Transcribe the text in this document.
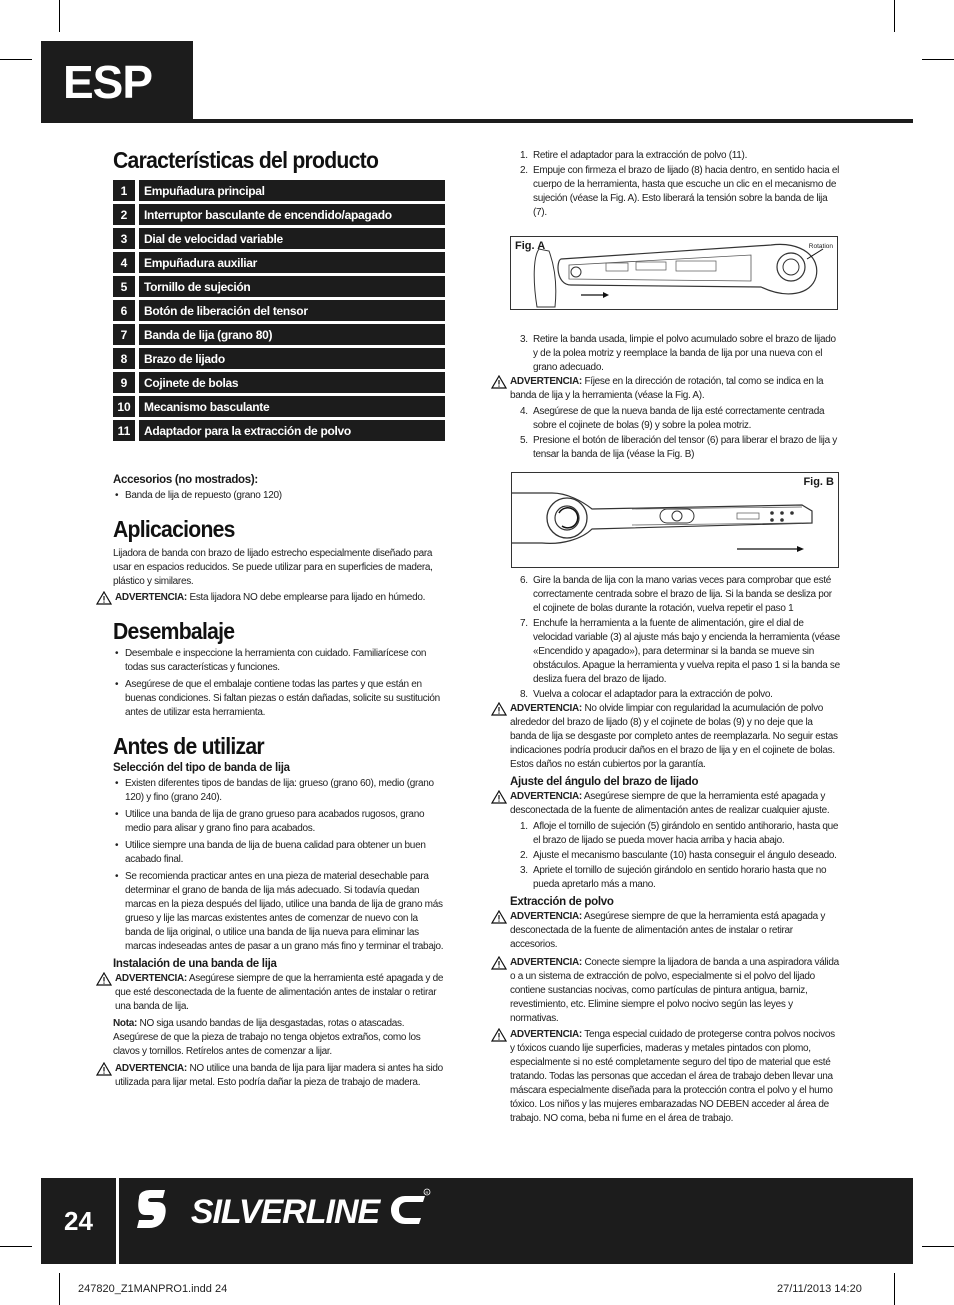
ESP
Características del producto
1	Empuñadura principal
2	Interruptor basculante de encendido/apagado
3	Dial de velocidad variable
4	Empuñadura auxiliar
5	Tornillo de sujeción
6	Botón de liberación del tensor
7	Banda de lija (grano 80)
8	Brazo de lijado
9	Cojinete de bolas
10	Mecanismo basculante
11	Adaptador para la extracción de polvo
Accesorios (no mostrados):
• Banda de lija de repuesto (grano 120)
Aplicaciones

Lijadora de banda con brazo de lijado estrecho especialmente diseñado para usar en espacios reducidos. Se puede utilizar para en superficies de madera, plástico y similares.

ADVERTENCIA: Esta lijadora NO debe emplearse para lijado en húmedo.
Desembalaje
• Desembale e inspeccione la herramienta con cuidado. Familiarícese con todas sus características y funciones.
• Asegúrese de que el embalaje contiene todas las partes y que están en buenas condiciones. Si faltan piezas o están dañadas, solicite su sustitución antes de utilizar esta herramienta.
Antes de utilizar
Selección del tipo de banda de lija
• Existen diferentes tipos de bandas de lija: grueso (grano 60), medio (grano 120) y fino (grano 240).
• Utilice una banda de lija de grano grueso para acabados rugosos, grano medio para alisar y grano fino para acabados.
• Utilice siempre una banda de lija de buena calidad para obtener un buen acabado final.
• Se recomienda practicar antes en una pieza de material desechable para determinar el grano de banda de lija más adecuado. Si todavía quedan marcas en la pieza después del lijado, utilice una banda de lija de grano más grueso y lije las marcas existentes antes de comenzar de nuevo con la banda de lija original, o utilice una banda de lija nueva para eliminar las marcas indeseadas antes de pasar a un grano más fino y terminar el trabajo.
Instalación de una banda de lija
ADVERTENCIA: Asegúrese siempre de que la herramienta esté apagada y de que esté desconectada de la fuente de alimentación antes de instalar o retirar una banda de lija.

Nota: NO siga usando bandas de lija desgastadas, rotas o atascadas. Asegúrese de que la pieza de trabajo no tenga objetos extraños, como los clavos y tornillos. Retírelos antes de comenzar a lijar.

ADVERTENCIA: NO utilice una banda de lija para lijar madera si antes ha sido utilizada para lijar metal. Esto podría dañar la pieza de trabajo de madera.
1. Retire el adaptador para la extracción de polvo (11).
2. Empuje con firmeza el brazo de lijado (8) hacia dentro, en sentido hacia el cuerpo de la herramienta, hasta que escuche un clic en el mecanismo de sujeción (véase la Fig. A). Esto liberará la tensión sobre la banda de lija (7).
Fig. A	Rotation
3. Retire la banda usada, limpie el polvo acumulado sobre el brazo de lijado y de la polea motriz y reemplace la banda de lija por una nueva con el grano adecuado.
ADVERTENCIA: Fíjese en la dirección de rotación, tal como se indica en la banda de lija y la herramienta (véase la Fig. A).
4. Asegúrese de que la nueva banda de lija esté correctamente centrada sobre el cojinete de bolas (9) y sobre la polea motriz.
5. Presione el botón de liberación del tensor (6) para liberar el brazo de lija y tensar la banda de lija (véase la Fig. B)
Fig. B
6. Gire la banda de lija con la mano varias veces para comprobar que esté correctamente centrada sobre el brazo de lija. Si la banda se desliza por el cojinete de bolas durante la rotación, vuelva repetir el paso 1
7. Enchufe la herramienta a la fuente de alimentación, gire el dial de velocidad variable (3) al ajuste más bajo y encienda la herramienta (véase «Encendido y apagado»), para determinar si la banda se mueve sin obstáculos. Apague la herramienta y vuelva repita el paso 1 si la banda se desliza fuera del brazo de lijado.
8. Vuelva a colocar el adaptador para la extracción de polvo.
ADVERTENCIA: No olvide limpiar con regularidad la acumulación de polvo alrededor del brazo de lijado (8) y el cojinete de bolas (9) y no deje que la banda de lija se desgaste por completo antes de reemplazarla. No seguir estas indicaciones podría producir daños en el brazo de lija y en el cojinete de bolas. Estos daños no están cubiertos por la garantía.
Ajuste del ángulo del brazo de lijado
ADVERTENCIA: Asegúrese siempre de que la herramienta esté apagada y desconectada de la fuente de alimentación antes de realizar cualquier ajuste.
1. Afloje el tornillo de sujeción (5) girándolo en sentido antihorario, hasta que el brazo de lijado se pueda mover hacia arriba y hacia abajo.
2. Ajuste el mecanismo basculante (10) hasta conseguir el ángulo deseado.
3. Apriete el tornillo de sujeción girándolo en sentido horario hasta que no pueda apretarlo más a mano.
Extracción de polvo
ADVERTENCIA: Asegúrese siempre de que la herramienta está apagada y desconectada de la fuente de alimentación antes de instalar o retirar accesorios.
ADVERTENCIA: Conecte siempre la lijadora de banda a una aspiradora válida o a un sistema de extracción de polvo, especialmente si el polvo del lijado contiene sustancias nocivas, como partículas de pintura antigua, barniz, revestimiento, etc. Elimine siempre el polvo nocivo según las leyes y normativas.
ADVERTENCIA: Tenga especial cuidado de protegerse contra polvos nocivos y tóxicos cuando lije superficies, maderas y metales pintados con plomo, especialmente si no esté completamente seguro del tipo de material que esté tratando. Todas las personas que accedan el área de trabajo deben llevar una máscara especialmente diseñada para la protección contra el polvo y el humo tóxico. Los niños y las mujeres embarazadas NO DEBEN acceder al área de trabajo. NO coma, beba ni fume en el área de trabajo.
24	SILVERLINE
R
247820_Z1MANPRO1.indd 24	27/11/2013 14:20
